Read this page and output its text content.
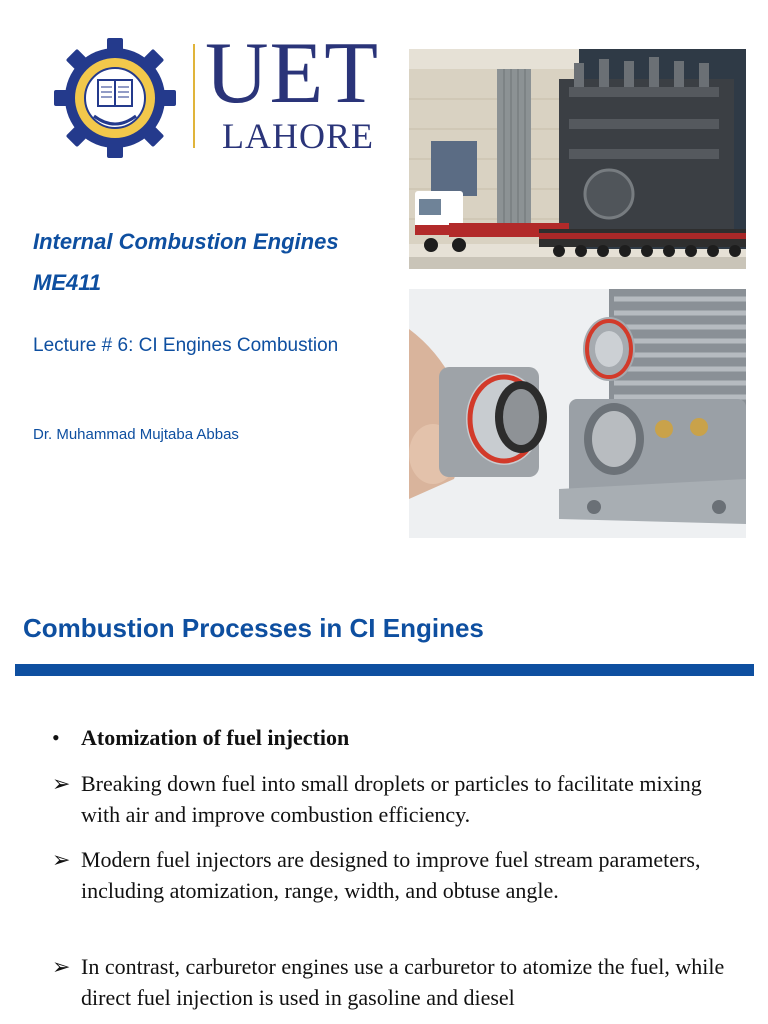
UET
LAHORE
Internal Combustion Engines
ME411
Lecture # 6: CI Engines Combustion
Dr. Muhammad Mujtaba Abbas
Combustion Processes in CI Engines
• Atomization of fuel injection
➢ Breaking down fuel into small droplets or particles to facilitate mixing with air and improve combustion efficiency.
➢ Modern fuel injectors are designed to improve fuel stream parameters, including atomization, range, width, and obtuse angle.
➢ In contrast, carburetor engines use a carburetor to atomize the fuel, while direct fuel injection is used in gasoline and diesel
